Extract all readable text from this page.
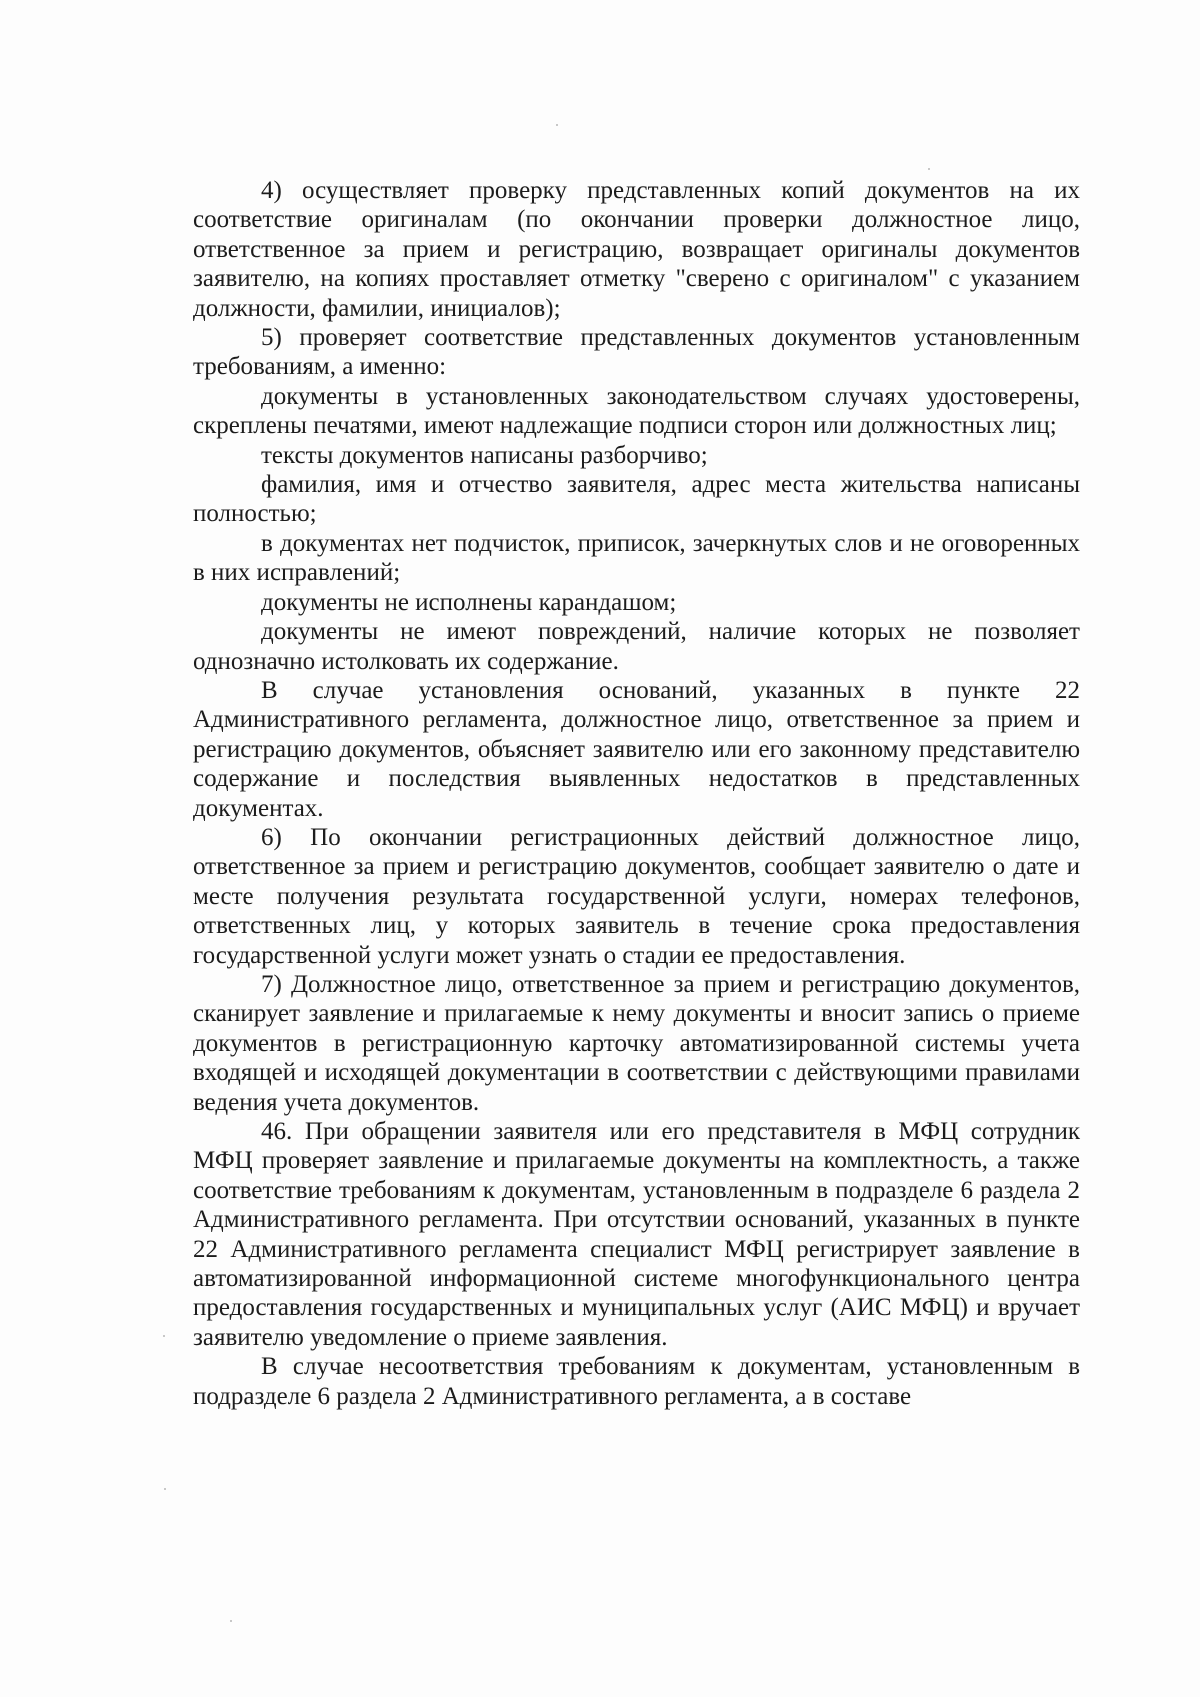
4) осуществляет проверку представленных копий документов на их соответствие оригиналам (по окончании проверки должностное лицо, ответственное за прием и регистрацию, возвращает оригиналы документов заявителю, на копиях проставляет отметку "сверено с оригиналом" с указанием должности, фамилии, инициалов);

5) проверяет соответствие представленных документов установленным требованиям, а именно:

документы в установленных законодательством случаях удостоверены, скреплены печатями, имеют надлежащие подписи сторон или должностных лиц;

тексты документов написаны разборчиво;

фамилия, имя и отчество заявителя, адрес места жительства написаны полностью;

в документах нет подчисток, приписок, зачеркнутых слов и не оговоренных в них исправлений;

документы не исполнены карандашом;

документы не имеют повреждений, наличие которых не позволяет однозначно истолковать их содержание.

В случае установления оснований, указанных в пункте 22 Административного регламента, должностное лицо, ответственное за прием и регистрацию документов, объясняет заявителю или его законному представителю содержание и последствия выявленных недостатков в представленных документах.

6) По окончании регистрационных действий должностное лицо, ответственное за прием и регистрацию документов, сообщает заявителю о дате и месте получения результата государственной услуги, номерах телефонов, ответственных лиц, у которых заявитель в течение срока предоставления государственной услуги может узнать о стадии ее предоставления.

7) Должностное лицо, ответственное за прием и регистрацию документов, сканирует заявление и прилагаемые к нему документы и вносит запись о приеме документов в регистрационную карточку автоматизированной системы учета входящей и исходящей документации в соответствии с действующими правилами ведения учета документов.

46. При обращении заявителя или его представителя в МФЦ сотрудник МФЦ проверяет заявление и прилагаемые документы на комплектность, а также соответствие требованиям к документам, установленным в подразделе 6 раздела 2 Административного регламента. При отсутствии оснований, указанных в пункте 22 Административного регламента специалист МФЦ регистрирует заявление в автоматизированной информационной системе многофункционального центра предоставления государственных и муниципальных услуг (АИС МФЦ) и вручает заявителю уведомление о приеме заявления.

В случае несоответствия требованиям к документам, установленным в подразделе 6 раздела 2 Административного регламента, а в составе
